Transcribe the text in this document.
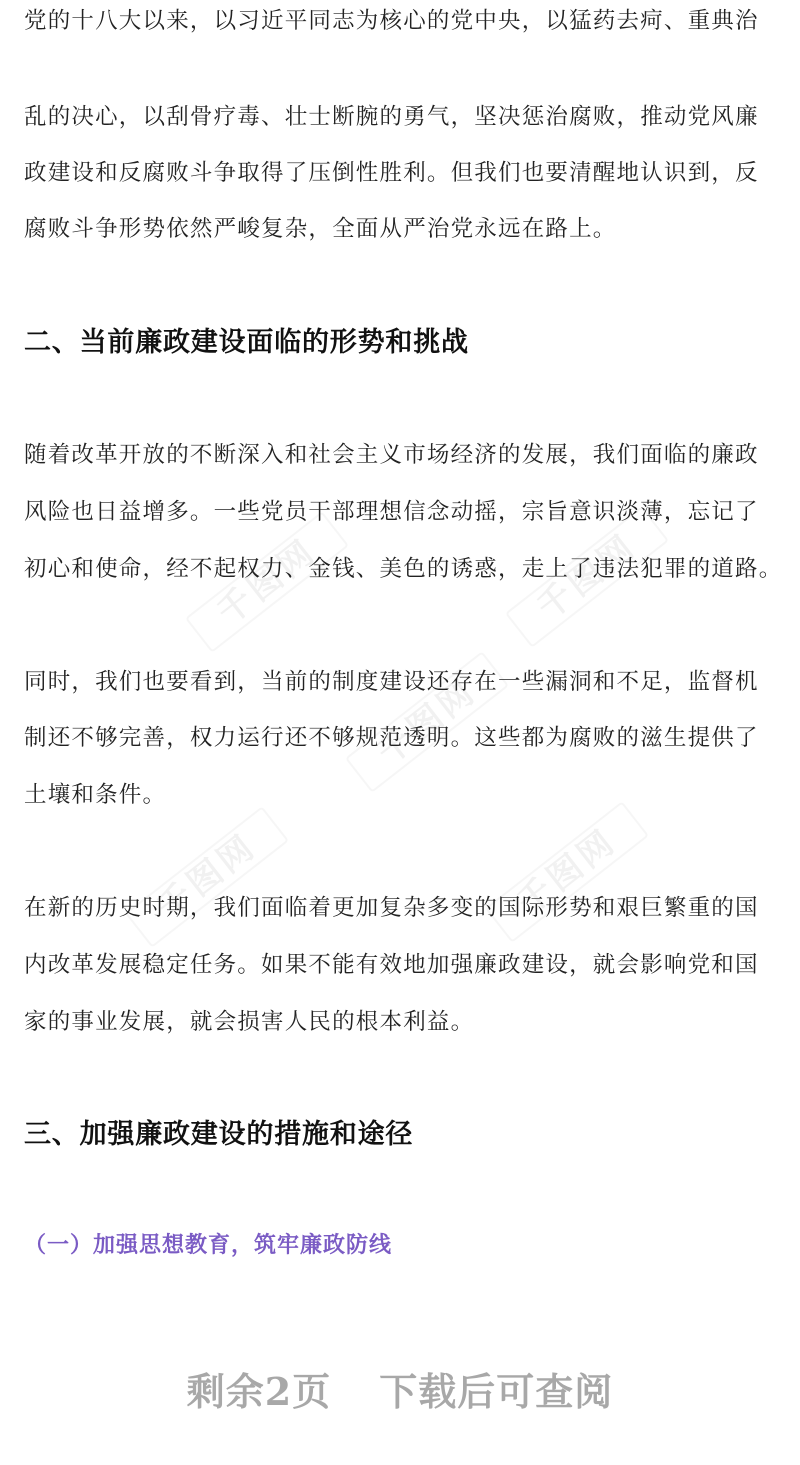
千图网	千图网
千图网
千图网	千图网
党的十八大以来，以习近平同志为核心的党中央，以猛药去疴、重典治
乱的决心，以刮骨疗毒、壮士断腕的勇气，坚决惩治腐败，推动党风廉
政建设和反腐败斗争取得了压倒性胜利。但我们也要清醒地认识到，反
腐败斗争形势依然严峻复杂，全面从严治党永远在路上。
二、当前廉政建设面临的形势和挑战
随着改革开放的不断深入和社会主义市场经济的发展，我们面临的廉政
风险也日益增多。一些党员干部理想信念动摇，宗旨意识淡薄，忘记了
初心和使命，经不起权力、金钱、美色的诱惑，走上了违法犯罪的道路。
同时，我们也要看到，当前的制度建设还存在一些漏洞和不足，监督机
制还不够完善，权力运行还不够规范透明。这些都为腐败的滋生提供了
土壤和条件。
在新的历史时期，我们面临着更加复杂多变的国际形势和艰巨繁重的国
内改革发展稳定任务。如果不能有效地加强廉政建设，就会影响党和国
家的事业发展，就会损害人民的根本利益。
三、加强廉政建设的措施和途径
（一）加强思想教育，筑牢廉政防线
剩余2页 下载后可查阅
